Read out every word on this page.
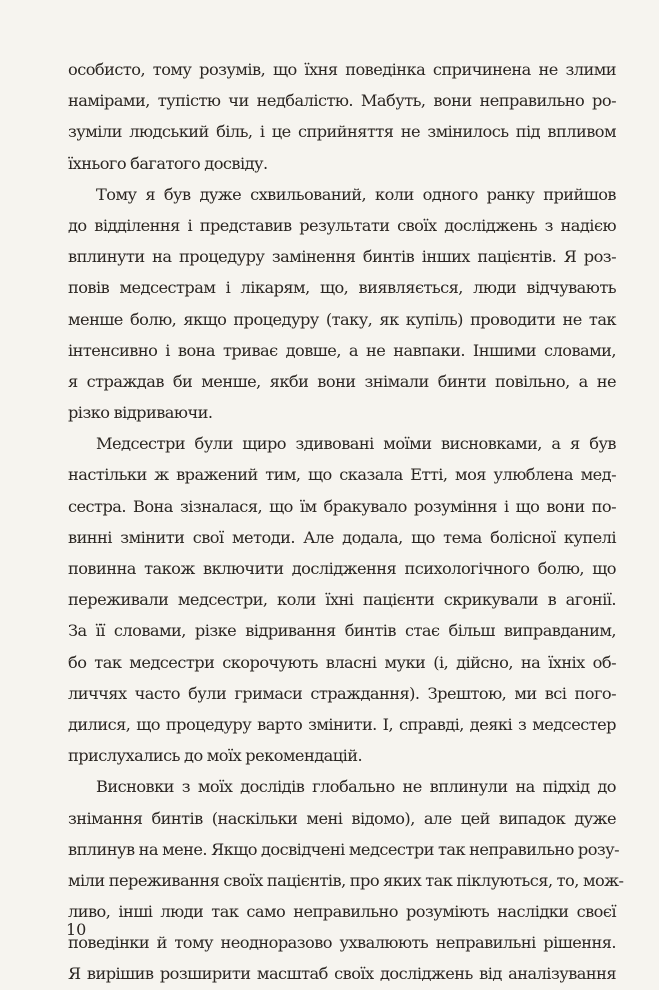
особисто, тому розумів, що їхня поведінка спричинена не злими
намірами, тупістю чи недбалістю. Мабуть, вони неправильно ро-
зуміли людський біль, і це сприйняття не змінилось під впливом
їхнього багатого досвіду.
Тому я був дуже схвильований, коли одного ранку прийшов
до відділення і представив результати своїх досліджень з надією
вплинути на процедуру замінення бинтів інших пацієнтів. Я роз-
повів медсестрам і лікарям, що, виявляється, люди відчувають
менше болю, якщо процедуру (таку, як купіль) проводити не так
інтенсивно і вона триває довше, а не навпаки. Іншими словами,
я страждав би менше, якби вони знімали бинти повільно, а не
різко відриваючи.
Медсестри були щиро здивовані моїми висновками, а я був
настільки ж вражений тим, що сказала Етті, моя улюблена мед-
сестра. Вона зізналася, що їм бракувало розуміння і що вони по-
винні змінити свої методи. Але додала, що тема болісної купелі
повинна також включити дослідження психологічного болю, що
переживали медсестри, коли їхні пацієнти скрикували в агонії.
За її словами, різке відривання бинтів стає більш виправданим,
бо так медсестри скорочують власні муки (і, дійсно, на їхніх об-
личчях часто були гримаси страждання). Зрештою, ми всі пого-
дилися, що процедуру варто змінити. І, справді, деякі з медсестер
прислухались до моїх рекомендацій.
Висновки з моїх дослідів глобально не вплинули на підхід до
знімання бинтів (наскільки мені відомо), але цей випадок дуже
вплинув на мене. Якщо досвідчені медсестри так неправильно розу-
міли переживання своїх пацієнтів, про яких так піклуються, то, мож-
ливо, інші люди так само неправильно розуміють наслідки своєї
поведінки й тому неодноразово ухвалюють неправильні рішення.
Я вирішив розширити масштаб своїх досліджень від аналізування
10
